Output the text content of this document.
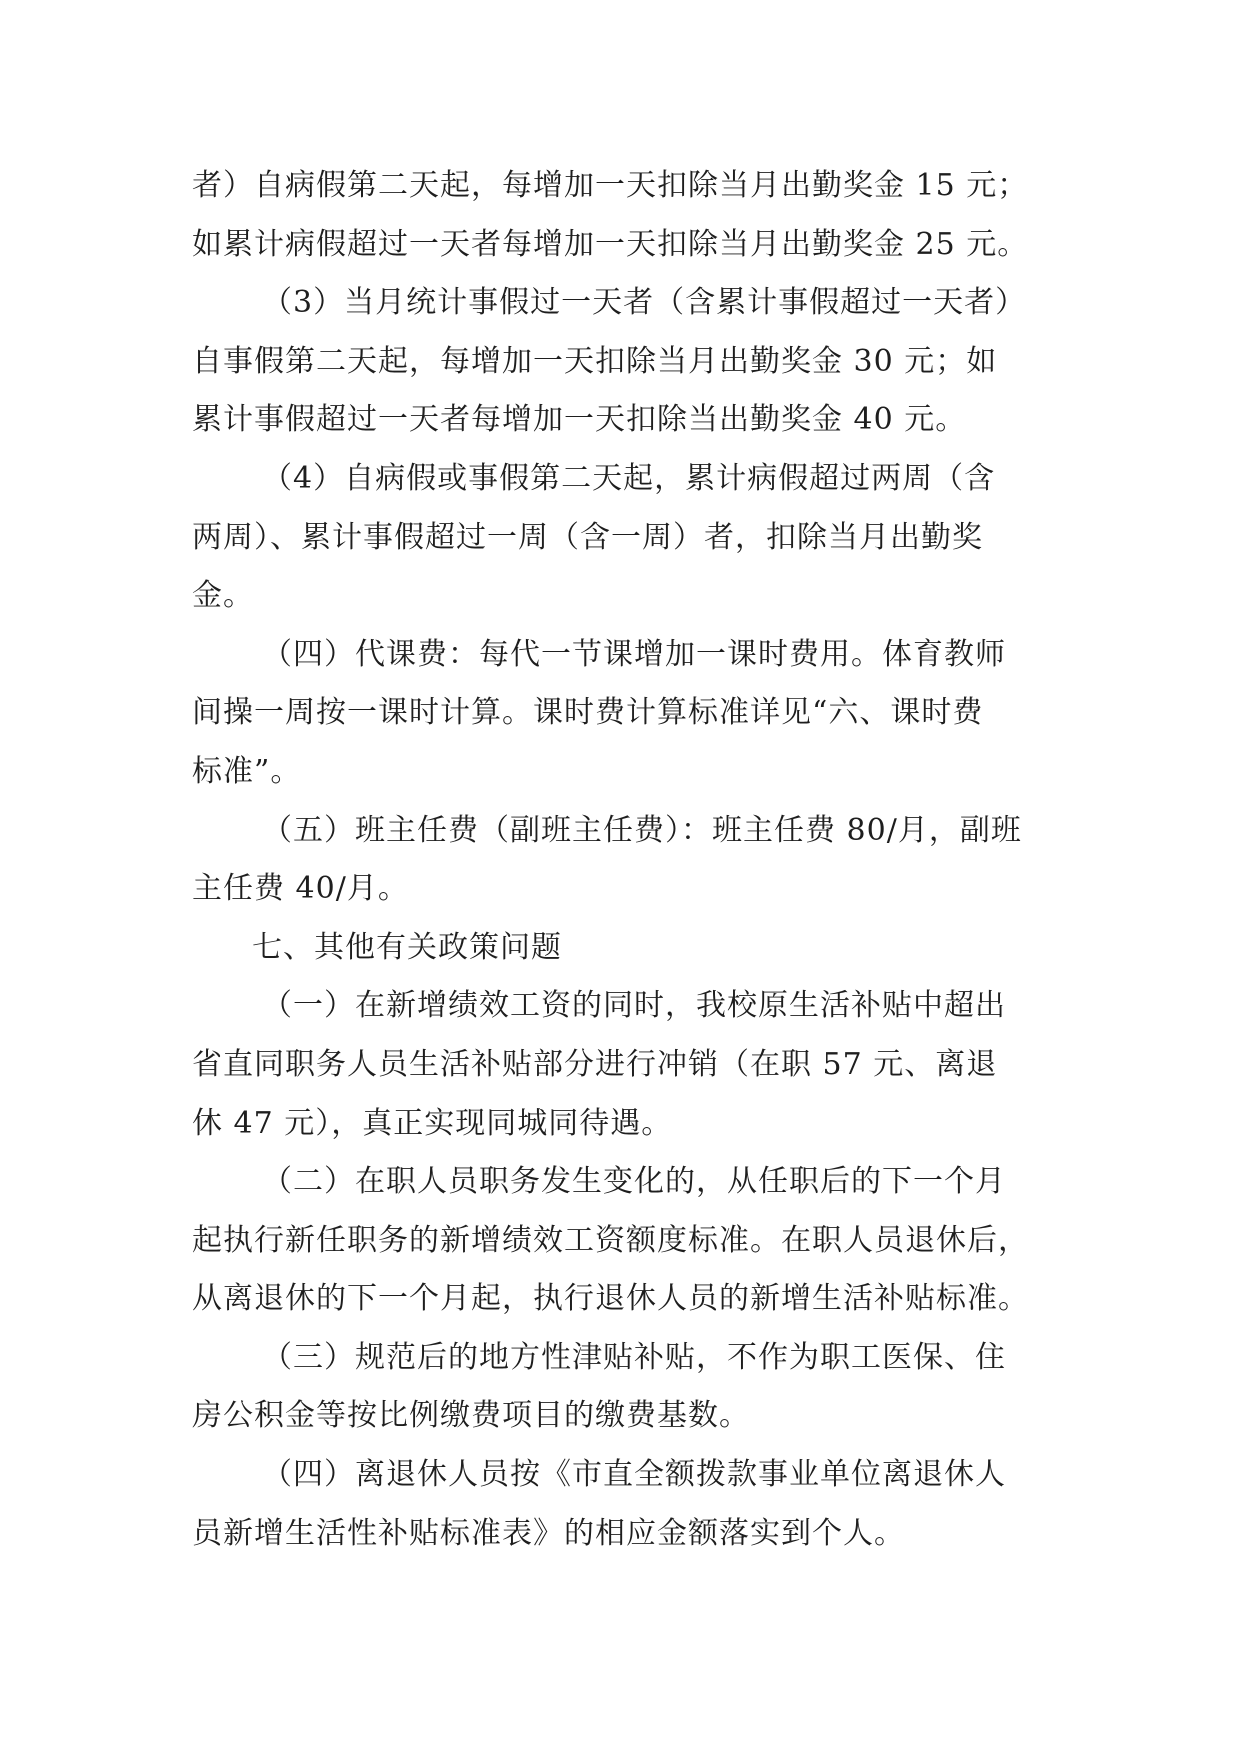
者）自病假第二天起，每增加一天扣除当月出勤奖金 15 元；
如累计病假超过一天者每增加一天扣除当月出勤奖金 25 元。
（3）当月统计事假过一天者（含累计事假超过一天者）
自事假第二天起，每增加一天扣除当月出勤奖金 30 元；如
累计事假超过一天者每增加一天扣除当出勤奖金 40 元。
（4）自病假或事假第二天起，累计病假超过两周（含
两周）、累计事假超过一周（含一周）者，扣除当月出勤奖
金。
（四）代课费：每代一节课增加一课时费用。体育教师
间操一周按一课时计算。课时费计算标准详见“六、课时费
标准”。
（五）班主任费（副班主任费）：班主任费 80/月，副班
主任费 40/月。
七、其他有关政策问题
（一）在新增绩效工资的同时，我校原生活补贴中超出
省直同职务人员生活补贴部分进行冲销（在职 57 元、离退
休 47 元），真正实现同城同待遇。
（二）在职人员职务发生变化的，从任职后的下一个月
起执行新任职务的新增绩效工资额度标准。在职人员退休后，
从离退休的下一个月起，执行退休人员的新增生活补贴标准。
（三）规范后的地方性津贴补贴，不作为职工医保、住
房公积金等按比例缴费项目的缴费基数。
（四）离退休人员按《市直全额拨款事业单位离退休人
员新增生活性补贴标准表》的相应金额落实到个人。
